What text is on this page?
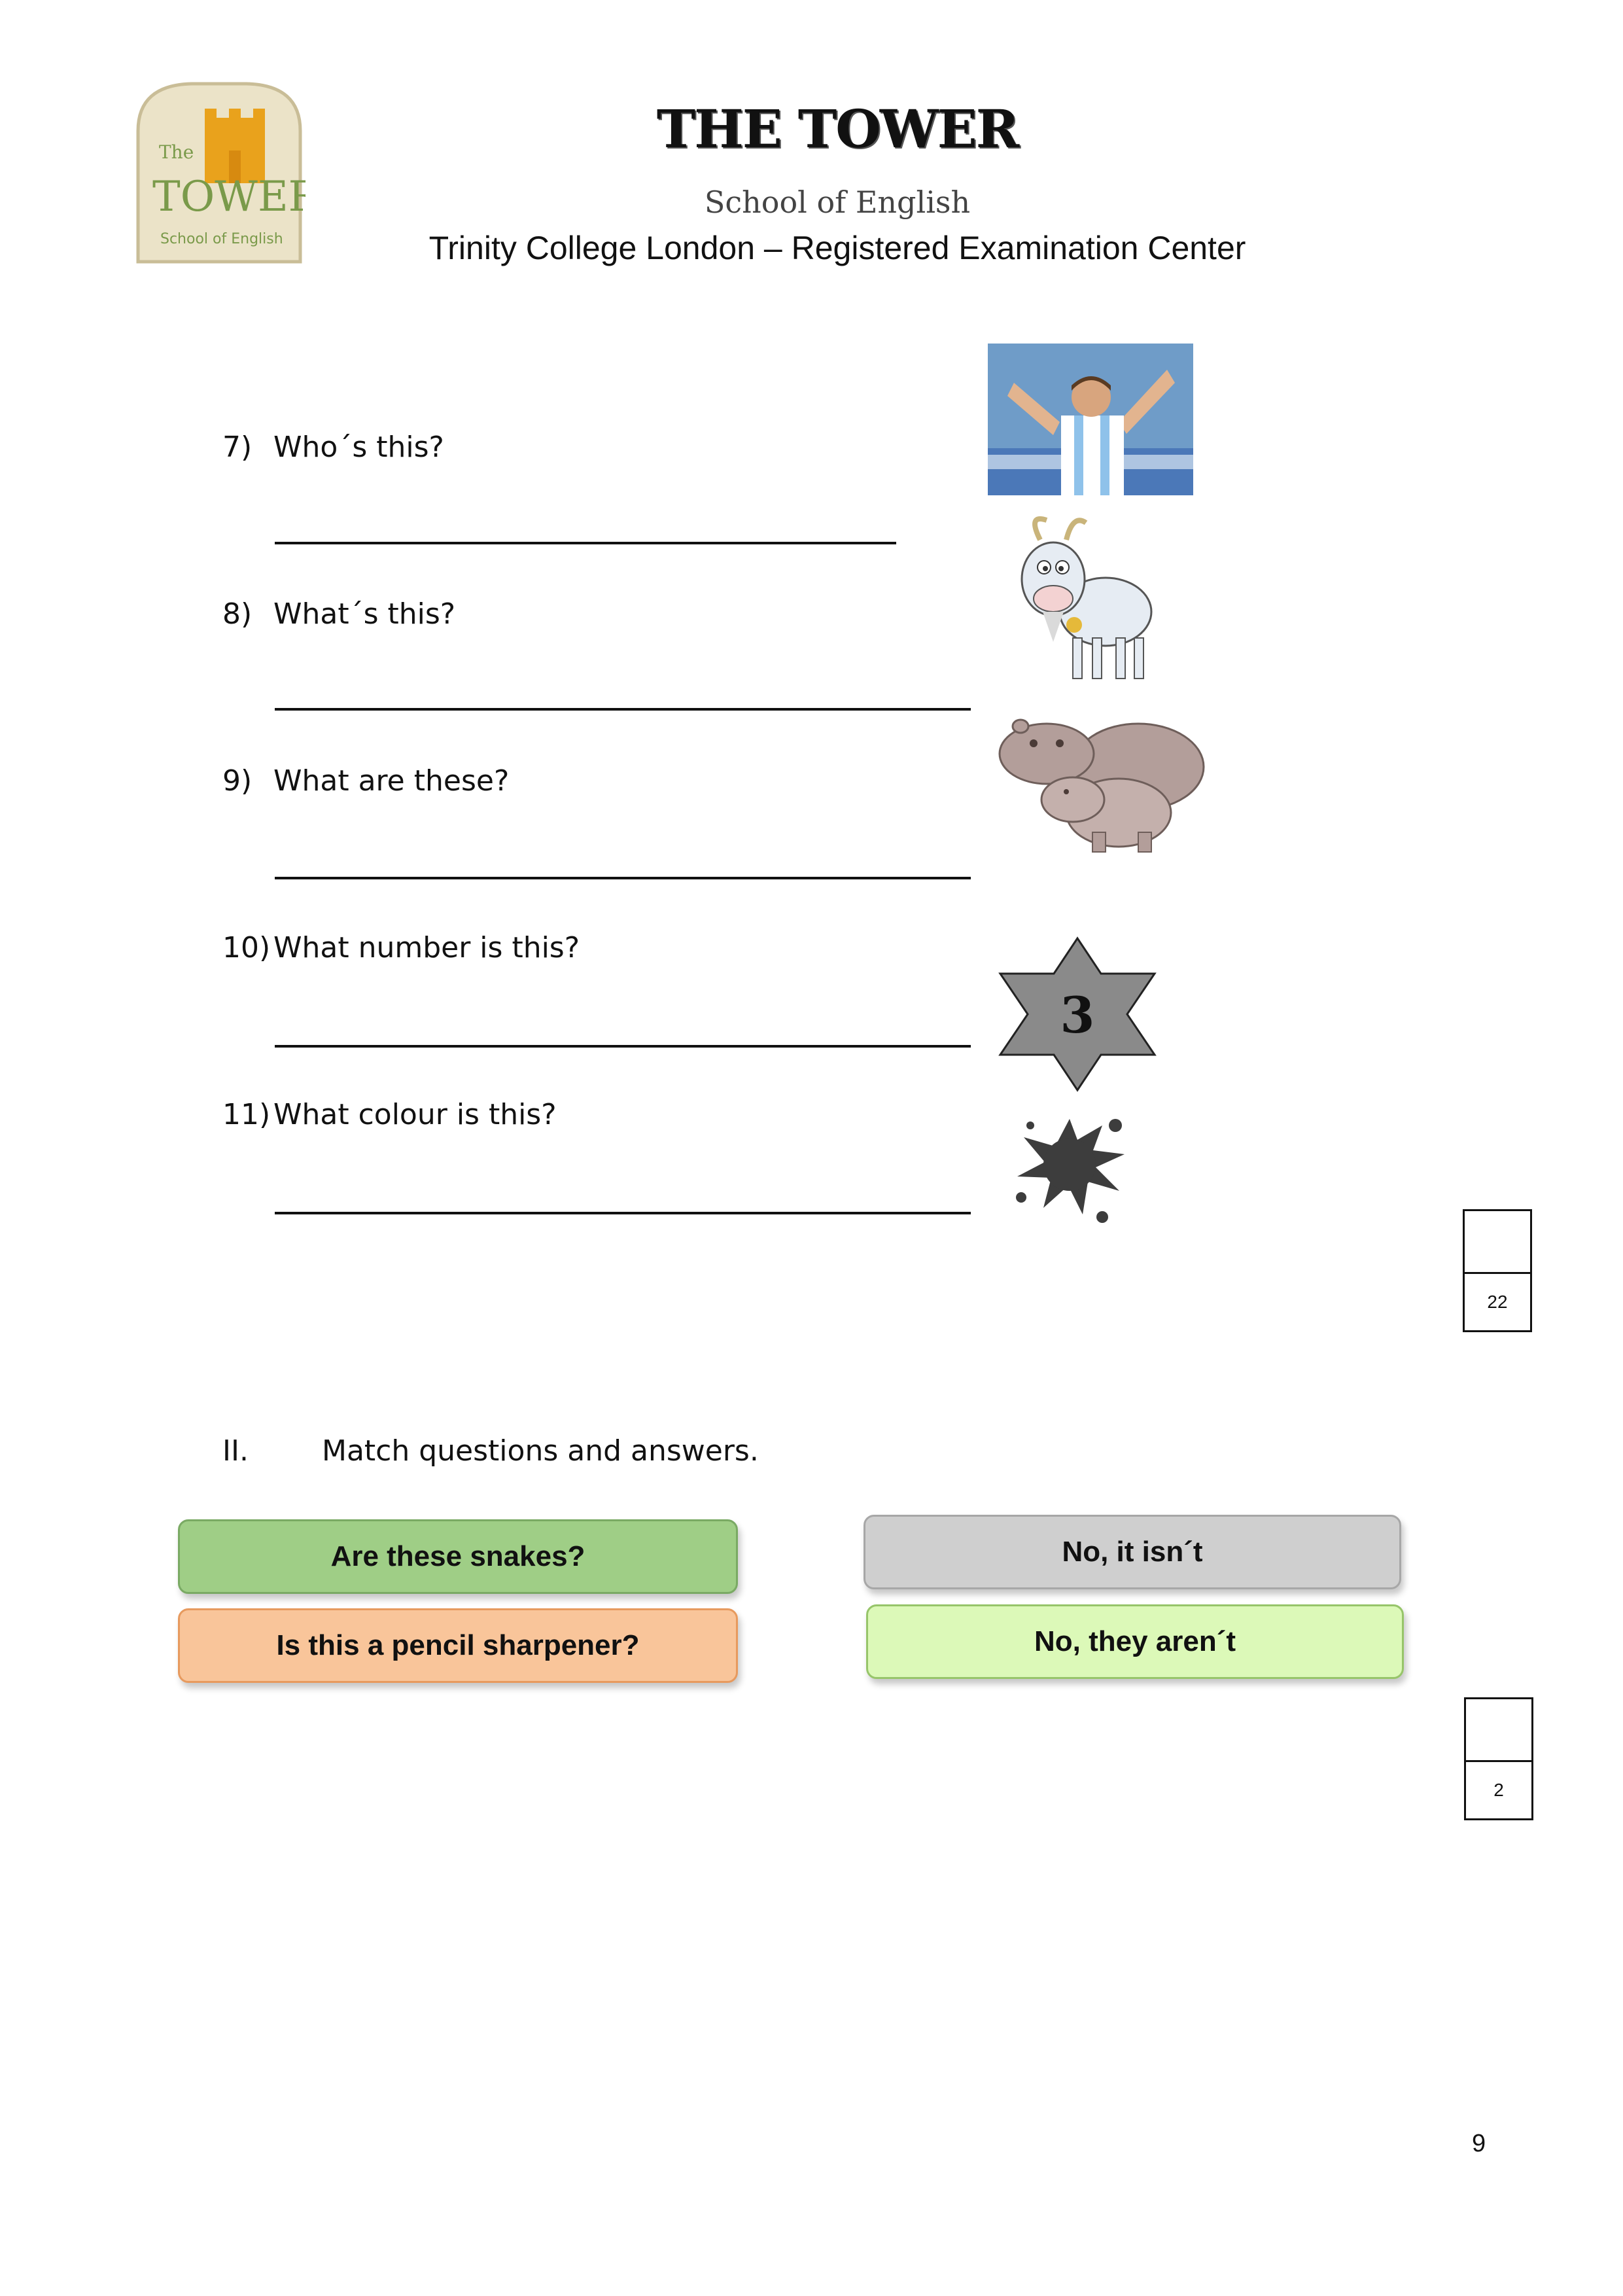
The
TOWER
School of English
THE TOWER
School of English
Trinity College London – Registered Examination Center
7) Who´s this?
8) What´s this?
9) What are these?
10) What number is this?
3
11) What colour is this?
22
II.	Match questions and answers.
Are these snakes?
Is this a pencil sharpener?
No, it isn´t
No, they aren´t
2
9
